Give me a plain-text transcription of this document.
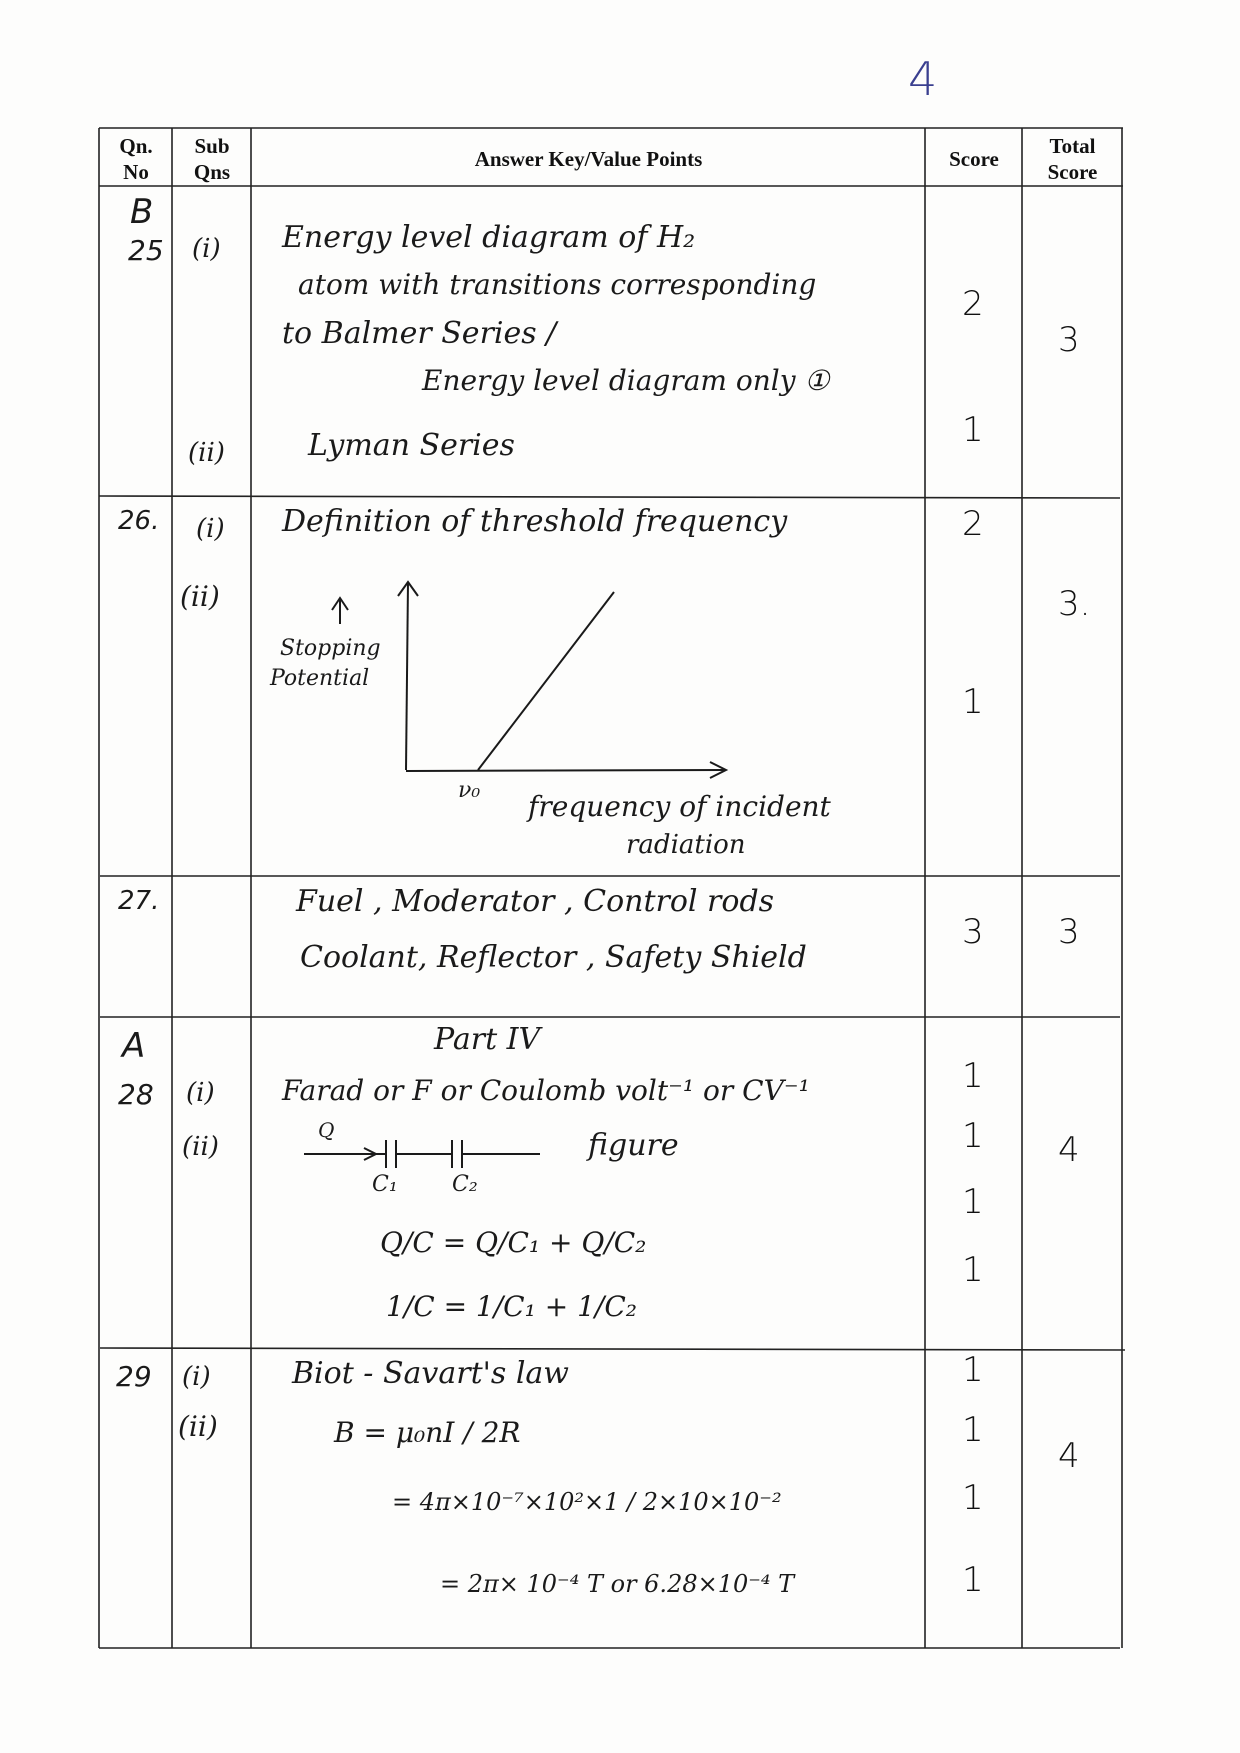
4
Qn.
No
Sub
Qns
Answer Key/Value Points	Score
Total
Score
B
25 (i)
(ii)
Energy level diagram of H₂
atom with transitions corresponding
to Balmer Series /
Energy level diagram only ①
Lyman Series
2
1
3
26. (i)
(ii)
Definition of threshold frequency
Stopping
Potential
ν₀ frequency of incident
radiation
2
1
3.
27.	Fuel , Moderator , Control rods
Coolant, Reflector , Safety Shield
3 3
A
28
Part IV
(i)
(ii)
Farad or F or Coulomb volt⁻¹ or CV⁻¹
Q
C₁ C₂
figure
Q/C = Q/C₁ + Q/C₂
1/C = 1/C₁ + 1/C₂
1
1
1
1
4
29 (i)
(ii)
Biot - Savart's law
B = μ₀nI / 2R
= 4π×10⁻⁷×10²×1 / 2×10×10⁻²
= 2π× 10⁻⁴ T or 6.28×10⁻⁴ T
1
1
1
1
4
